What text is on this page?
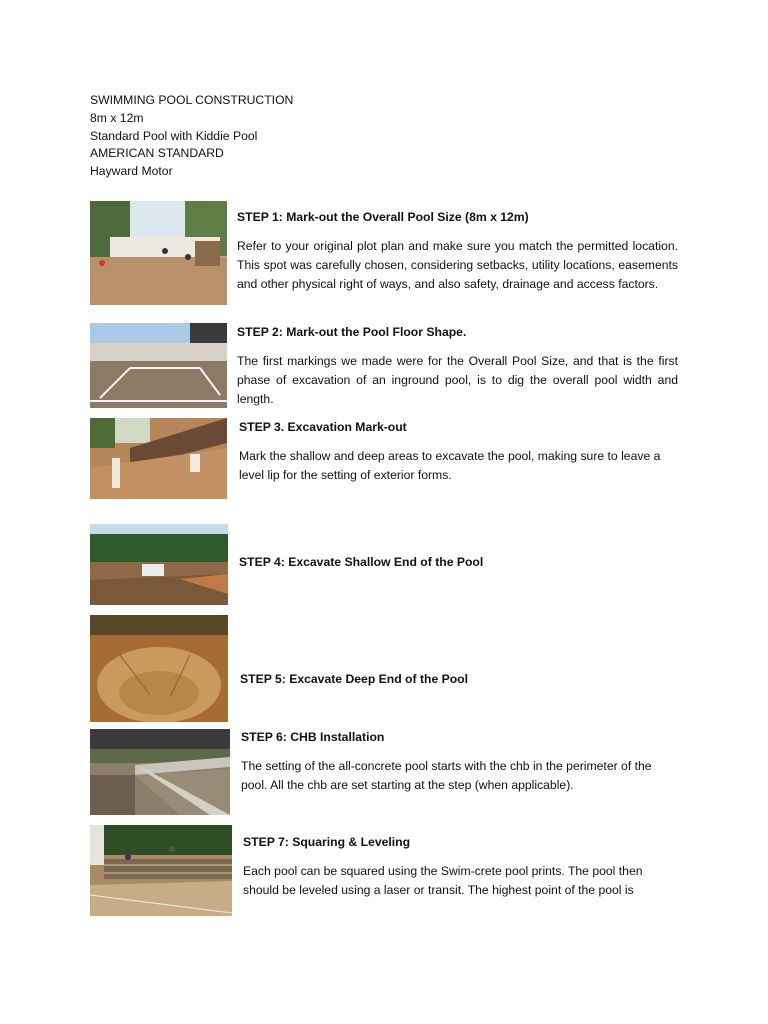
SWIMMING POOL CONSTRUCTION
8m x 12m
Standard Pool with Kiddie Pool
AMERICAN STANDARD
Hayward Motor

STEP 1: Mark-out the Overall Pool Size (8m x 12m)

Refer to your original plot plan and make sure you match the permitted location. This spot was carefully chosen, considering setbacks, utility locations, easements and other physical right of ways, and also safety, drainage and access factors.

STEP 2: Mark-out the Pool Floor Shape.

The first markings we made were for the Overall Pool Size, and that is the first phase of excavation of an inground pool, is to dig the overall pool width and length.

STEP 3. Excavation Mark-out

Mark the shallow and deep areas to excavate the pool, making sure to leave a level lip for the setting of exterior forms.

STEP 4: Excavate Shallow End of the Pool

STEP 5: Excavate Deep End of the Pool

STEP 6: CHB Installation

The setting of the all-concrete pool starts with the chb in the perimeter of the pool. All the chb are set starting at the step (when applicable).

STEP 7: Squaring & Leveling

Each pool can be squared using the Swim-crete pool prints. The pool then should be leveled using a laser or transit. The highest point of the pool is
